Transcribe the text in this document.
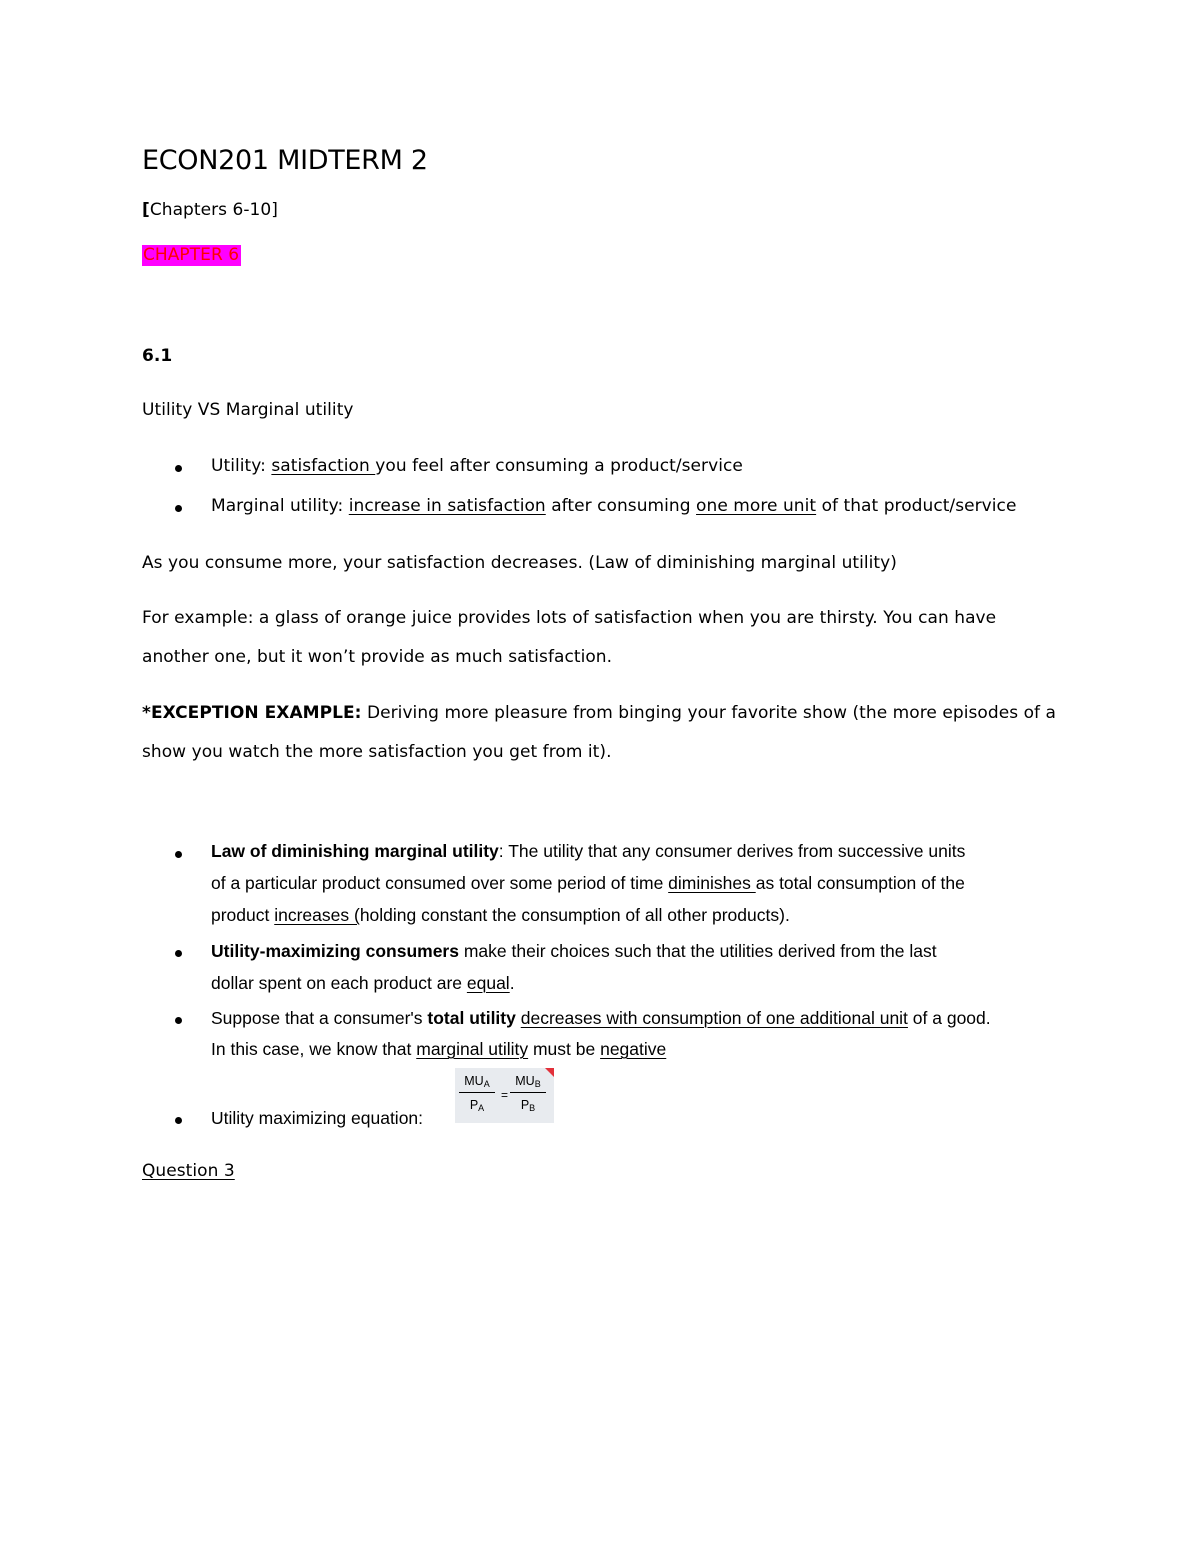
ECON201 MIDTERM 2
[Chapters 6-10]
CHAPTER 6
6.1
Utility VS Marginal utility
Utility: satisfaction you feel after consuming a product/service
Marginal utility: increase in satisfaction after consuming one more unit of that product/service
As you consume more, your satisfaction decreases. (Law of diminishing marginal utility)
For example: a glass of orange juice provides lots of satisfaction when you are thirsty. You can have
another one, but it won’t provide as much satisfaction.
*EXCEPTION EXAMPLE: Deriving more pleasure from binging your favorite show (the more episodes of a
show you watch the more satisfaction you get from it).
Law of diminishing marginal utility: The utility that any consumer derives from successive units
of a particular product consumed over some period of time diminishes as total consumption of the
product increases (holding constant the consumption of all other products).
Utility-maximizing consumers make their choices such that the utilities derived from the last
dollar spent on each product are equal.
Suppose that a consumer's total utility decreases with consumption of one additional unit of a good.
In this case, we know that marginal utility must be negative
Utility maximizing equation:
$MU_A$
$P_A$
=
$MU_B$
$P_B$
Question 3
